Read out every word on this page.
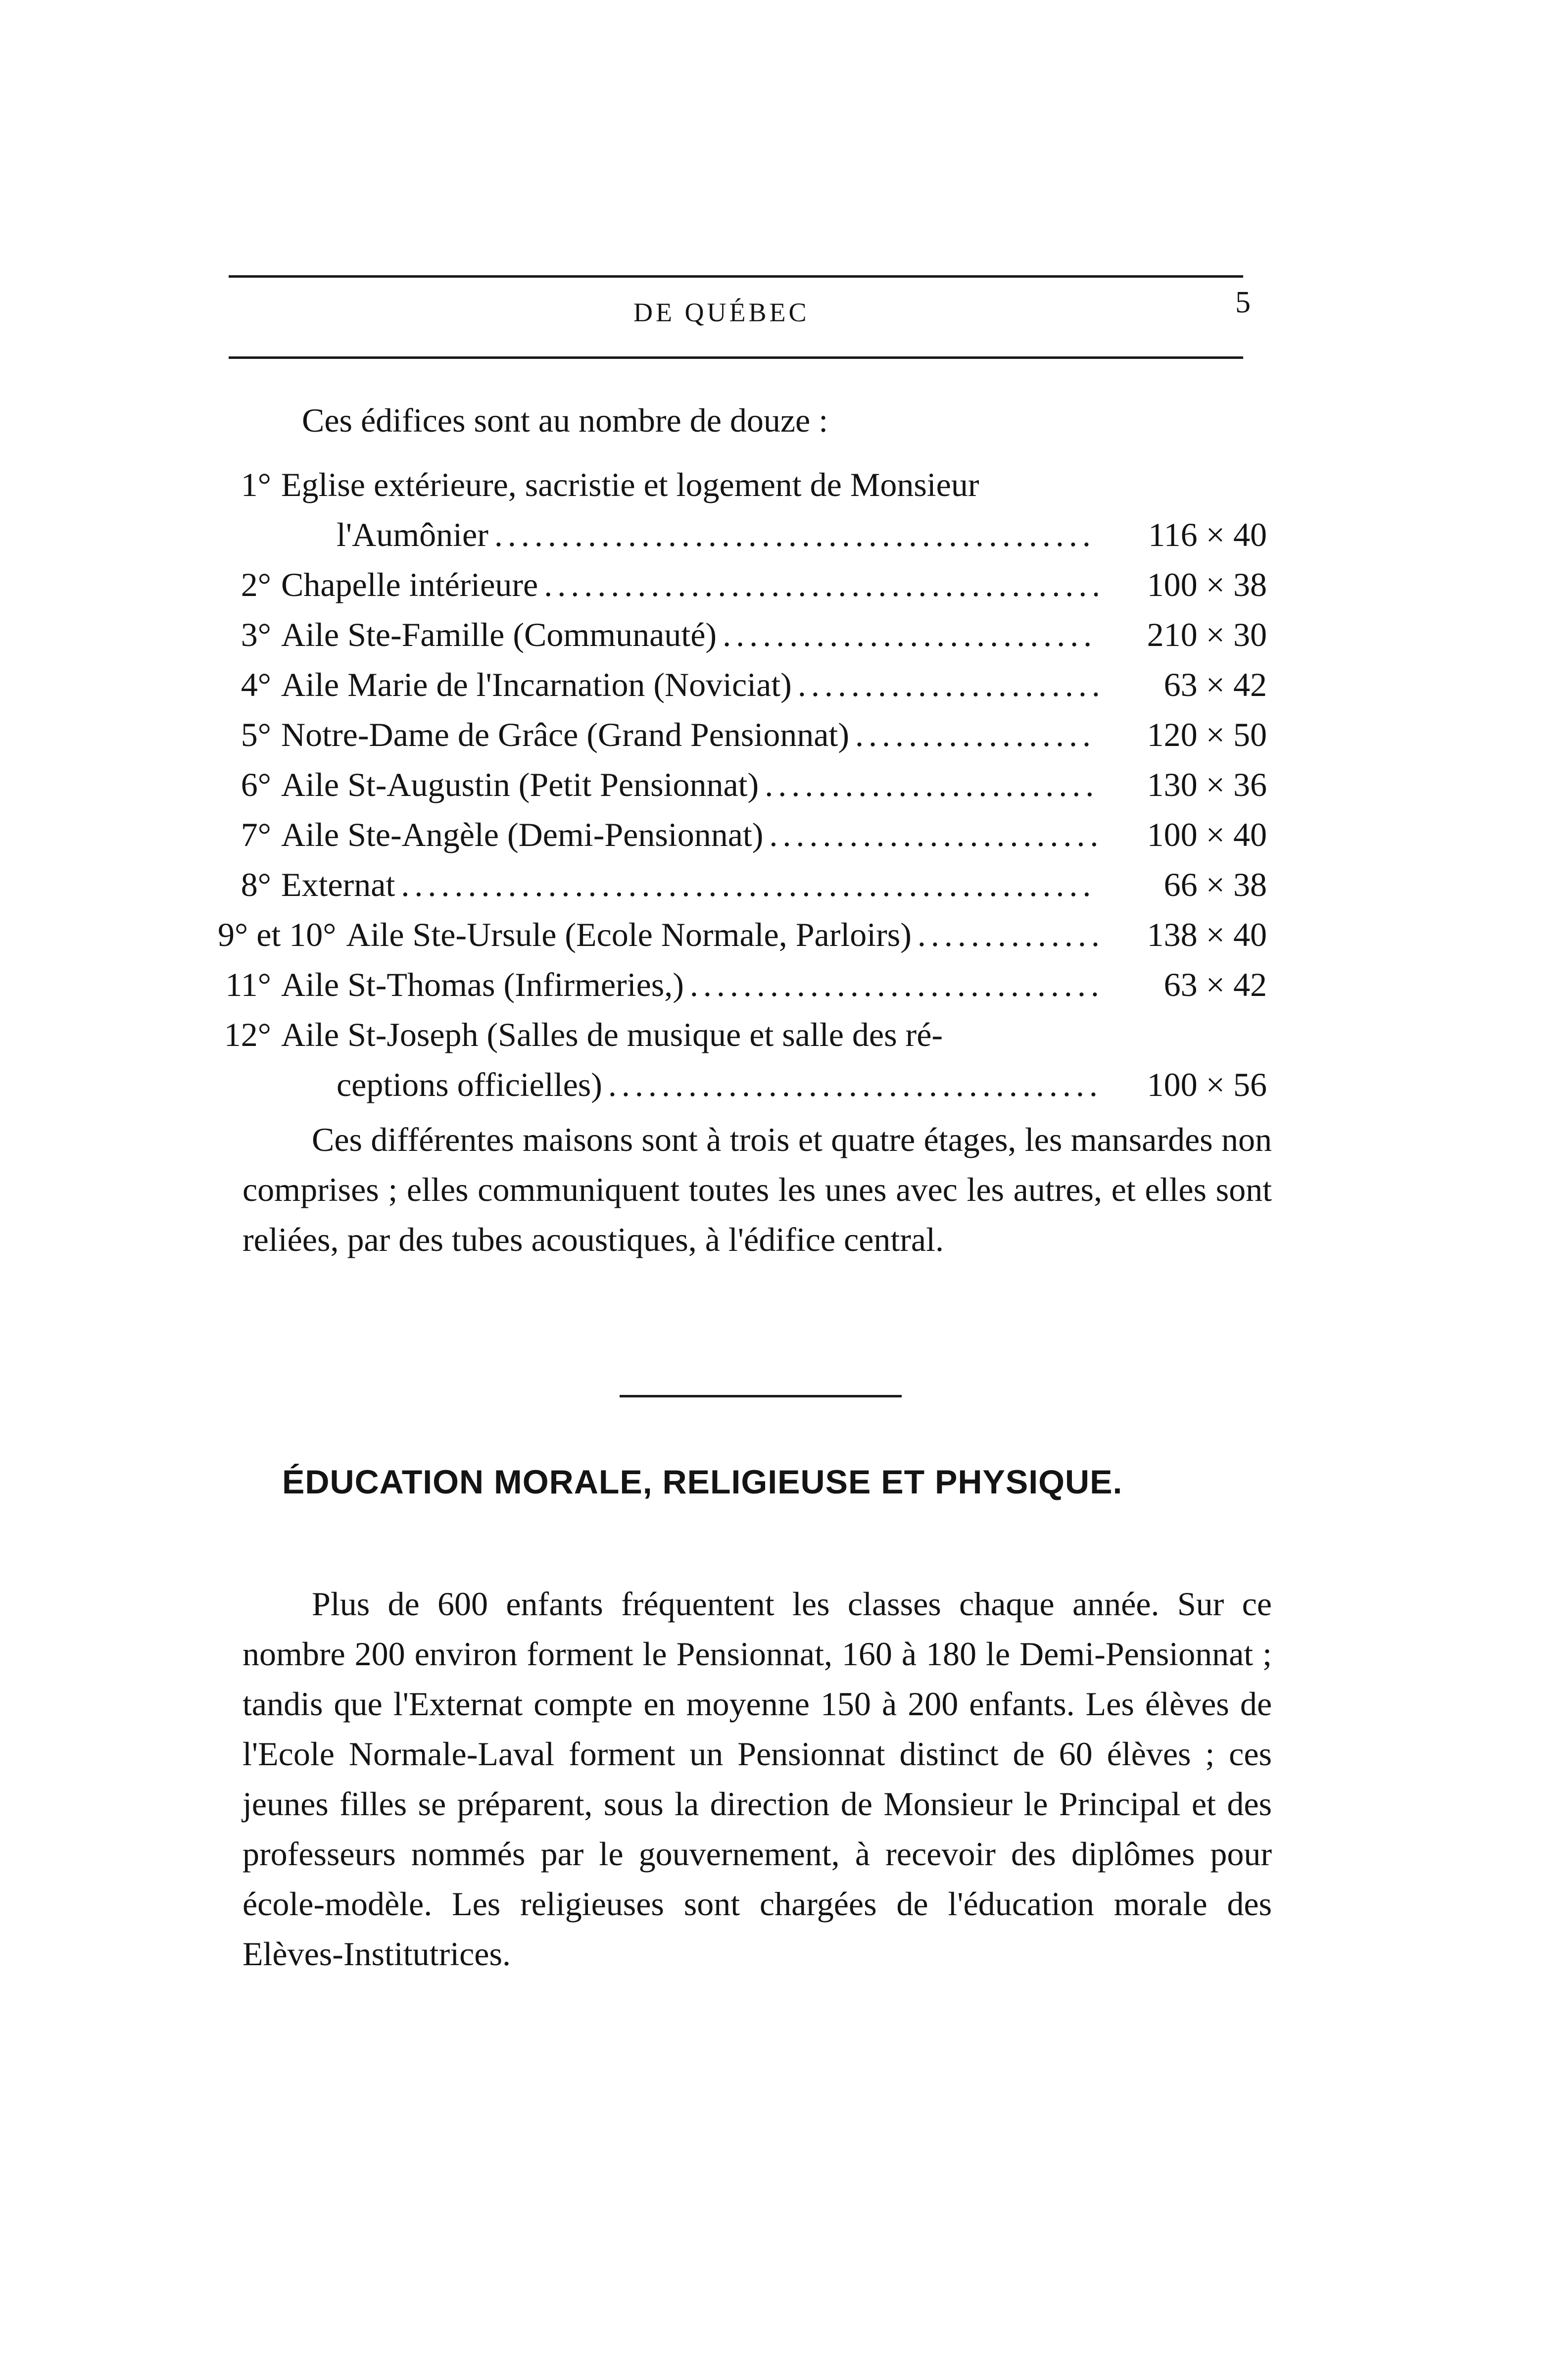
DE QUÉBEC	5
Ces édifices sont au nombre de douze :
1° Eglise extérieure, sacristie et logement de Monsieur
l'Aumônier .....	116 × 40
2° Chapelle intérieure .....	100 × 38
3° Aile Ste-Famille (Communauté) .....	210 × 30
4° Aile Marie de l'Incarnation (Noviciat) .....	63 × 42
5° Notre-Dame de Grâce (Grand Pensionnat) .....	120 × 50
6° Aile St-Augustin (Petit Pensionnat) .....	130 × 36
7° Aile Ste-Angèle (Demi-Pensionnat) .....	100 × 40
8° Externat .....	66 × 38
9° et 10° Aile Ste-Ursule (Ecole Normale, Parloirs) .....	138 × 40
11° Aile St-Thomas (Infirmeries,) .....	63 × 42
12° Aile St-Joseph (Salles de musique et salle des ré-
ceptions officielles) .....	100 × 56
Ces différentes maisons sont à trois et quatre étages, les mansardes non comprises ; elles communiquent toutes les unes avec les autres, et elles sont reliées, par des tubes acoustiques, à l'édifice central.
ÉDUCATION MORALE, RELIGIEUSE ET PHYSIQUE.
Plus de 600 enfants fréquentent les classes chaque année. Sur ce nombre 200 environ forment le Pensionnat, 160 à 180 le Demi-Pensionnat ; tandis que l'Externat compte en moyenne 150 à 200 enfants. Les élèves de l'Ecole Normale-Laval forment un Pensionnat distinct de 60 élèves ; ces jeunes filles se préparent, sous la direction de Monsieur le Principal et des professeurs nommés par le gouvernement, à recevoir des diplômes pour école-modèle. Les religieuses sont chargées de l'éducation morale des Elèves-Institutrices.
